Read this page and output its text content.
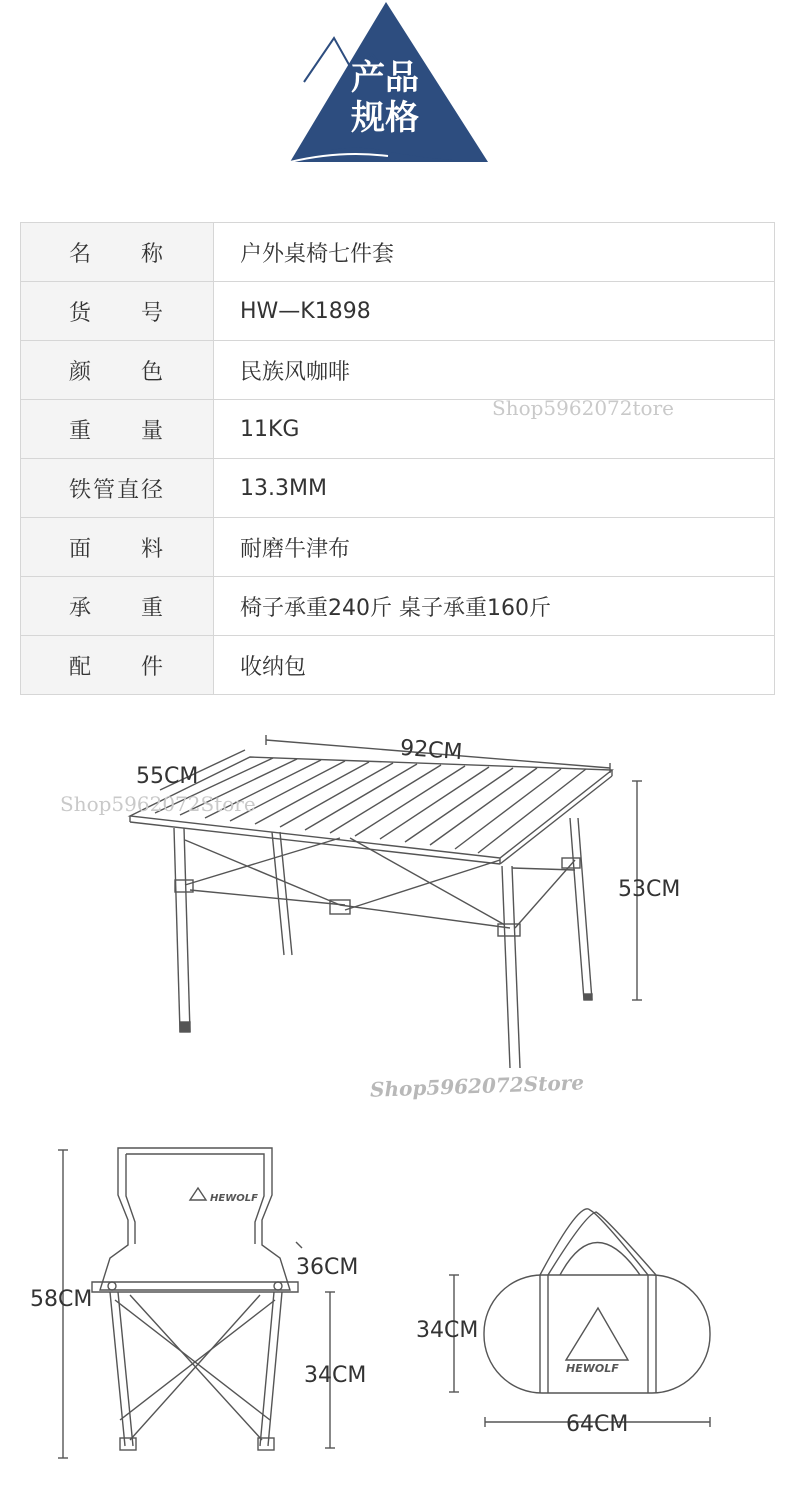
产品
规格
名　　称	户外桌椅七件套
货　　号	HW—K1898
颜　　色	民族风咖啡
重　　量	11KG
铁管直径	13.3MM
面　　料	耐磨牛津布
承　　重	椅子承重240斤 桌子承重160斤
配　　件	收纳包
Shop5962072tore
92CM
55CM
53CM
58CM
36CM
34CM
34CM
64CM
HEWOLF
HEWOLF
Shop5962072Store
Shop5962072Store
